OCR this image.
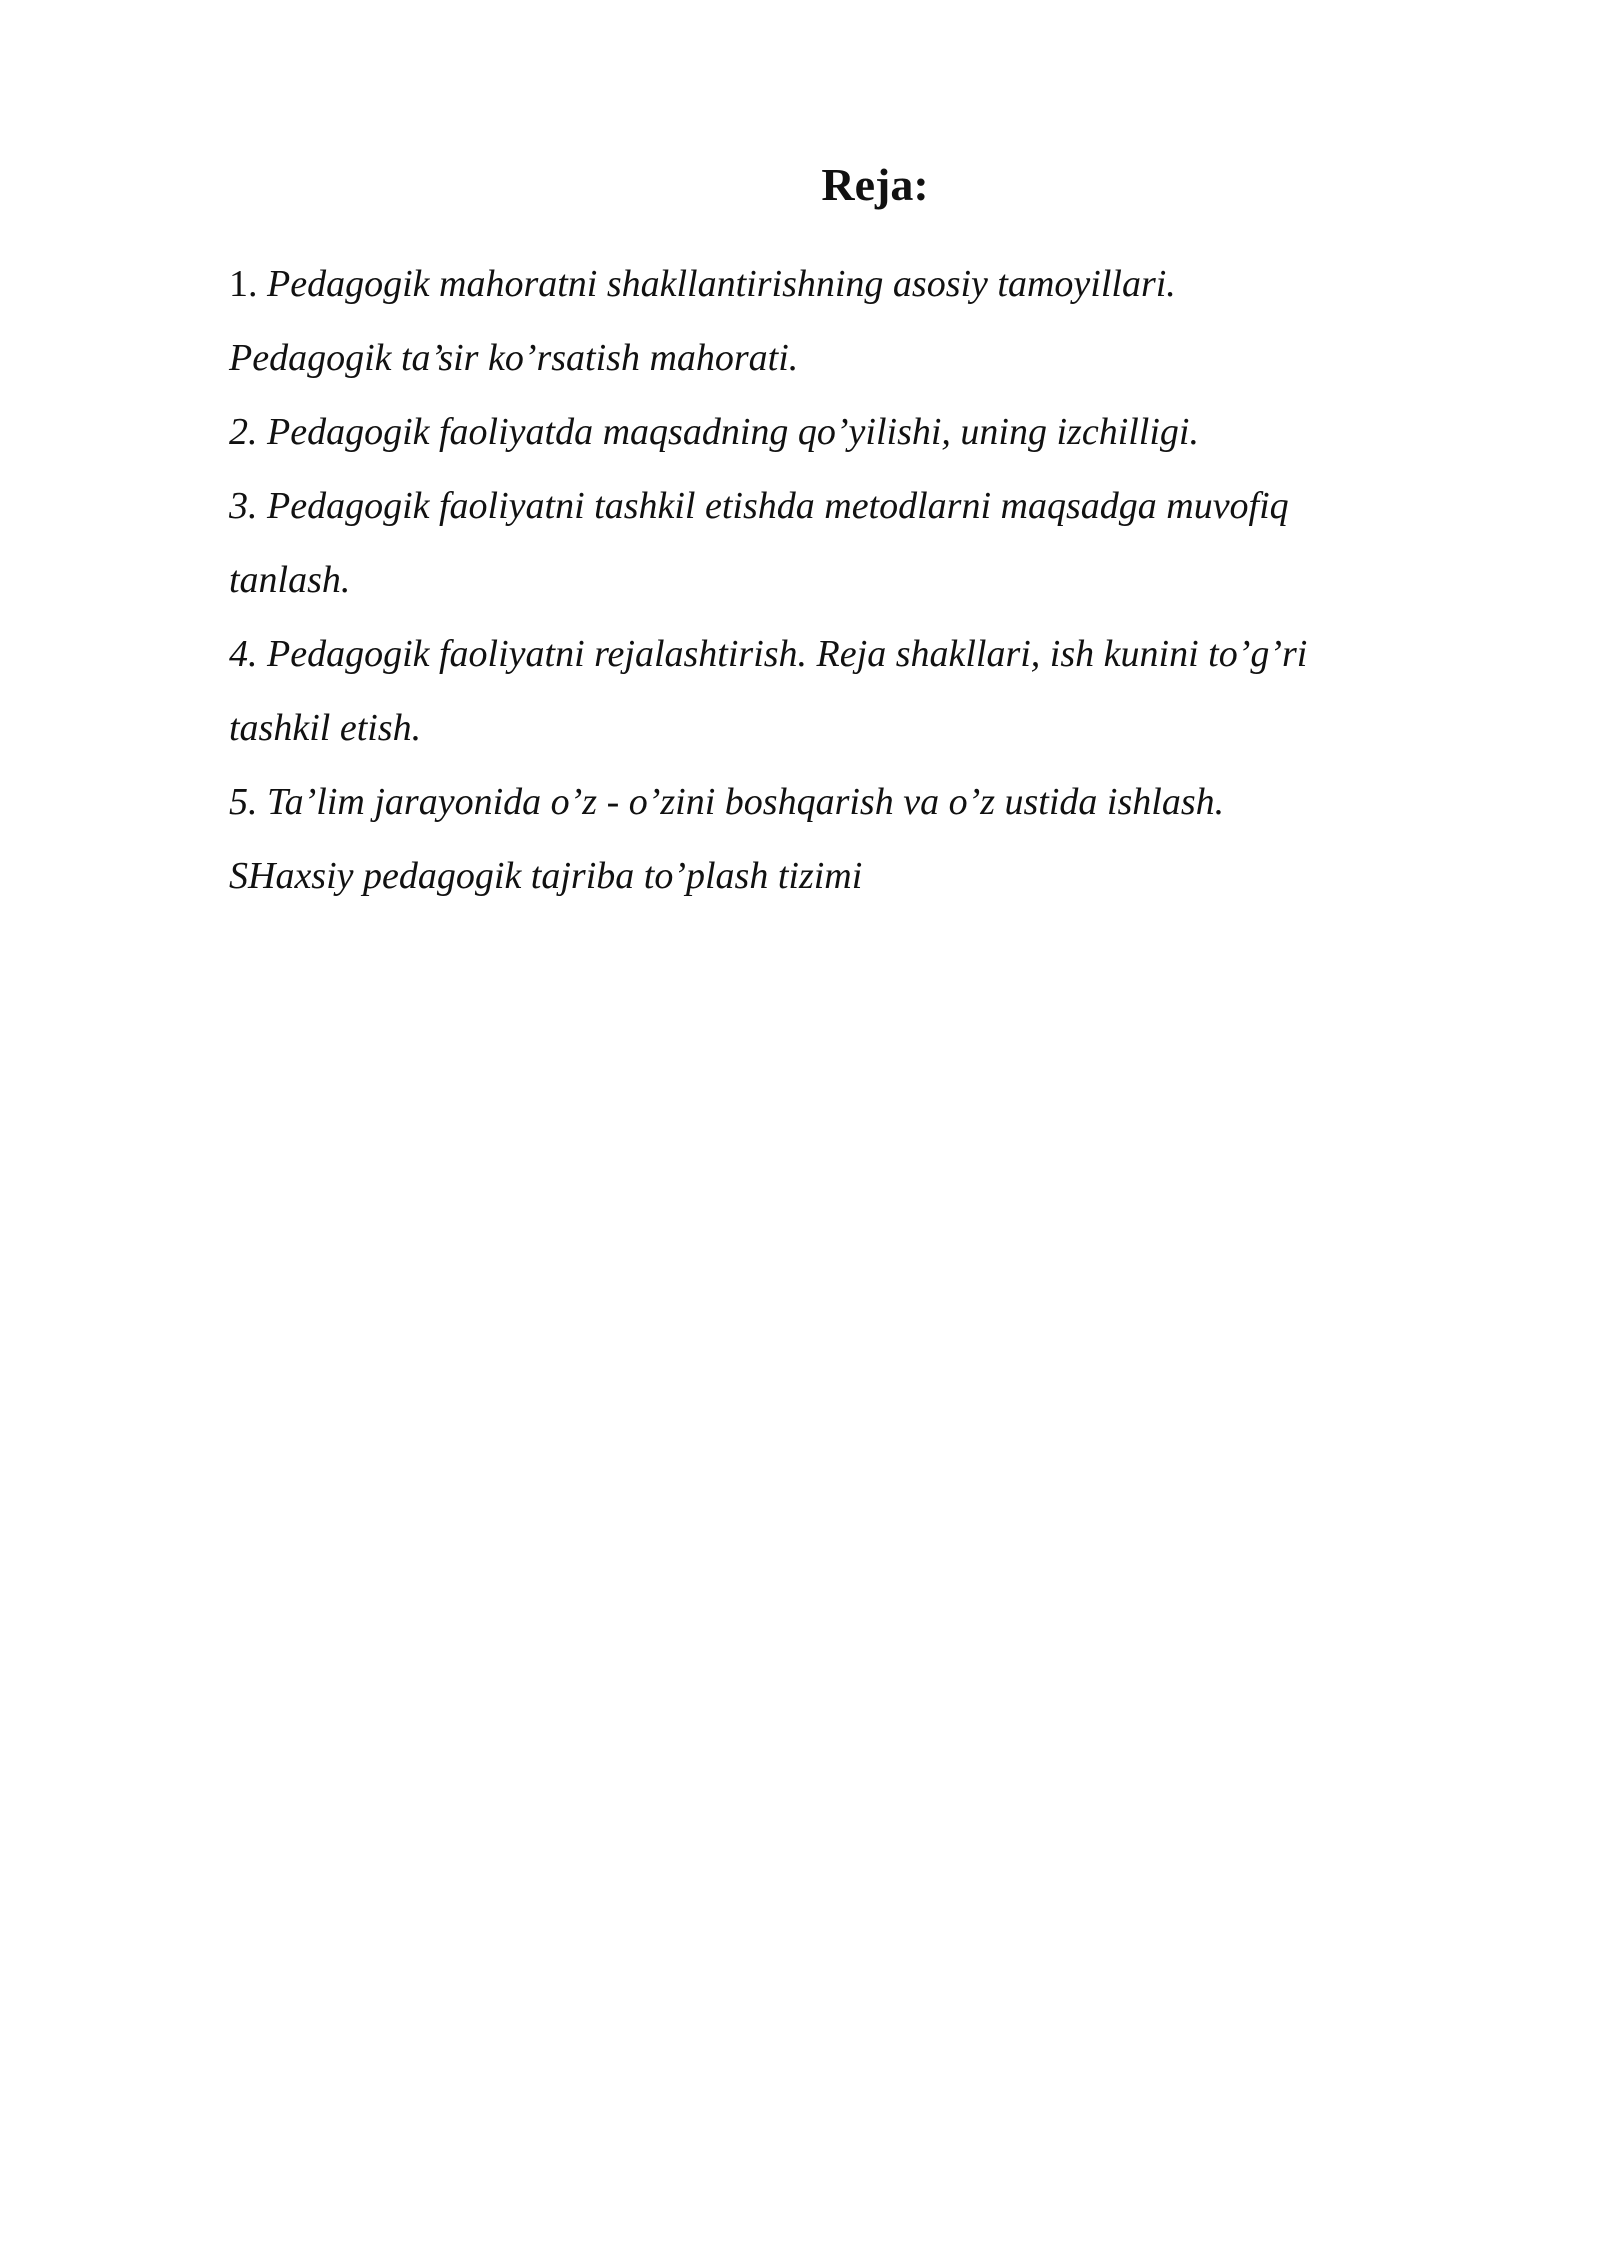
Reja:
1. Pedagogik mahoratni shakllantirishning asosiy tamoyillari.
Pedagogik ta’sir ko’rsatish mahorati.
2. Pedagogik faoliyatda maqsadning qo’yilishi, uning izchilligi.
3. Pedagogik faoliyatni tashkil etishda metodlarni maqsadga muvofiq
tanlash.
4. Pedagogik faoliyatni rejalashtirish. Reja shakllari, ish kunini to’g’ri
tashkil etish.
5. Ta’lim jarayonida o’z - o’zini boshqarish va o’z ustida ishlash.
SHaxsiy pedagogik tajriba to’plash tizimi
